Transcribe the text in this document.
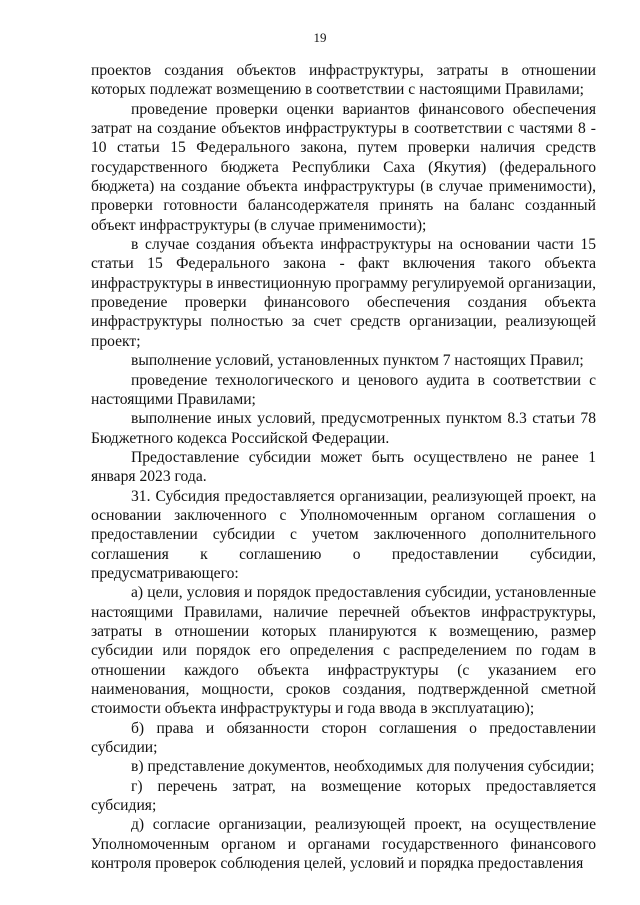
19

проектов создания объектов инфраструктуры, затраты в отношении которых подлежат возмещению в соответствии с настоящими Правилами;

проведение проверки оценки вариантов финансового обеспечения затрат на создание объектов инфраструктуры в соответствии с частями 8 - 10 статьи 15 Федерального закона, путем проверки наличия средств государственного бюджета Республики Саха (Якутия) (федерального бюджета) на создание объекта инфраструктуры (в случае применимости), проверки готовности балансодержателя принять на баланс созданный объект инфраструктуры (в случае применимости);

в случае создания объекта инфраструктуры на основании части 15 статьи 15 Федерального закона - факт включения такого объекта инфраструктуры в инвестиционную программу регулируемой организации, проведение проверки финансового обеспечения создания объекта инфраструктуры полностью за счет средств организации, реализующей проект;

выполнение условий, установленных пунктом 7 настоящих Правил;

проведение технологического и ценового аудита в соответствии с настоящими Правилами;

выполнение иных условий, предусмотренных пунктом 8.3 статьи 78 Бюджетного кодекса Российской Федерации.

Предоставление субсидии может быть осуществлено не ранее 1 января 2023 года.

31. Субсидия предоставляется организации, реализующей проект, на основании заключенного с Уполномоченным органом соглашения о предоставлении субсидии с учетом заключенного дополнительного соглашения к соглашению о предоставлении субсидии, предусматривающего:

а) цели, условия и порядок предоставления субсидии, установленные настоящими Правилами, наличие перечней объектов инфраструктуры, затраты в отношении которых планируются к возмещению, размер субсидии или порядок его определения с распределением по годам в отношении каждого объекта инфраструктуры (с указанием его наименования, мощности, сроков создания, подтвержденной сметной стоимости объекта инфраструктуры и года ввода в эксплуатацию);

б) права и обязанности сторон соглашения о предоставлении субсидии;

в) представление документов, необходимых для получения субсидии;

г) перечень затрат, на возмещение которых предоставляется субсидия;

д) согласие организации, реализующей проект, на осуществление Уполномоченным органом и органами государственного финансового контроля проверок соблюдения целей, условий и порядка предоставления
